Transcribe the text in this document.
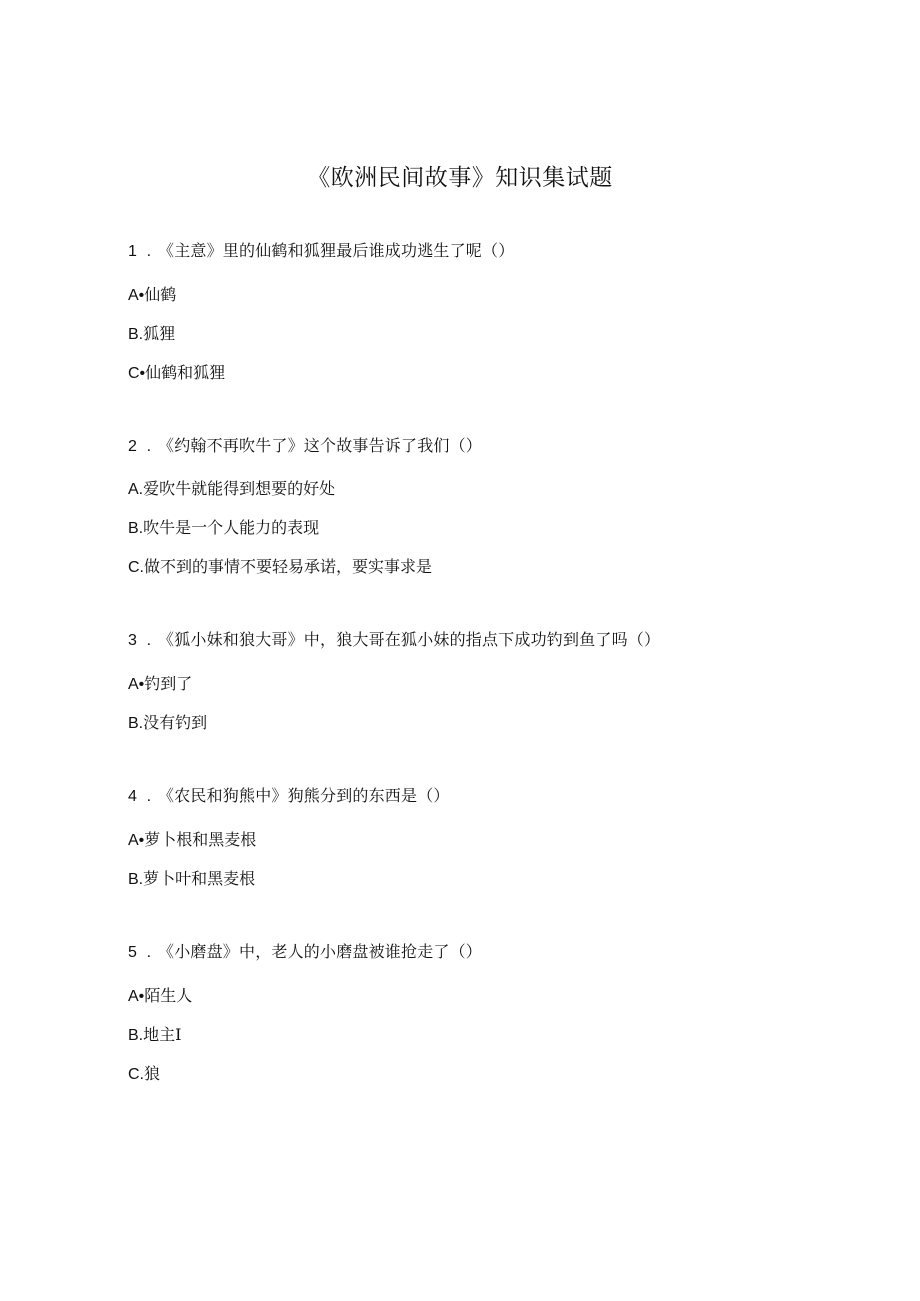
《欧洲民间故事》知识集试题
1 . 《主意》里的仙鹤和狐狸最后谁成功逃生了呢（）
A•仙鹤
B.狐狸
C•仙鹤和狐狸
2 . 《约翰不再吹牛了》这个故事告诉了我们（）
A.爱吹牛就能得到想要的好处
B.吹牛是一个人能力的表现
C.做不到的事情不要轻易承诺，要实事求是
3 . 《狐小妹和狼大哥》中，狼大哥在狐小妹的指点下成功钓到鱼了吗（）
A•钓到了
B.没有钓到
4 . 《农民和狗熊中》狗熊分到的东西是（）
A•萝卜根和黑麦根
B.萝卜叶和黑麦根
5 . 《小磨盘》中，老人的小磨盘被谁抢走了（）
A•陌生人
B.地主I
C.狼
